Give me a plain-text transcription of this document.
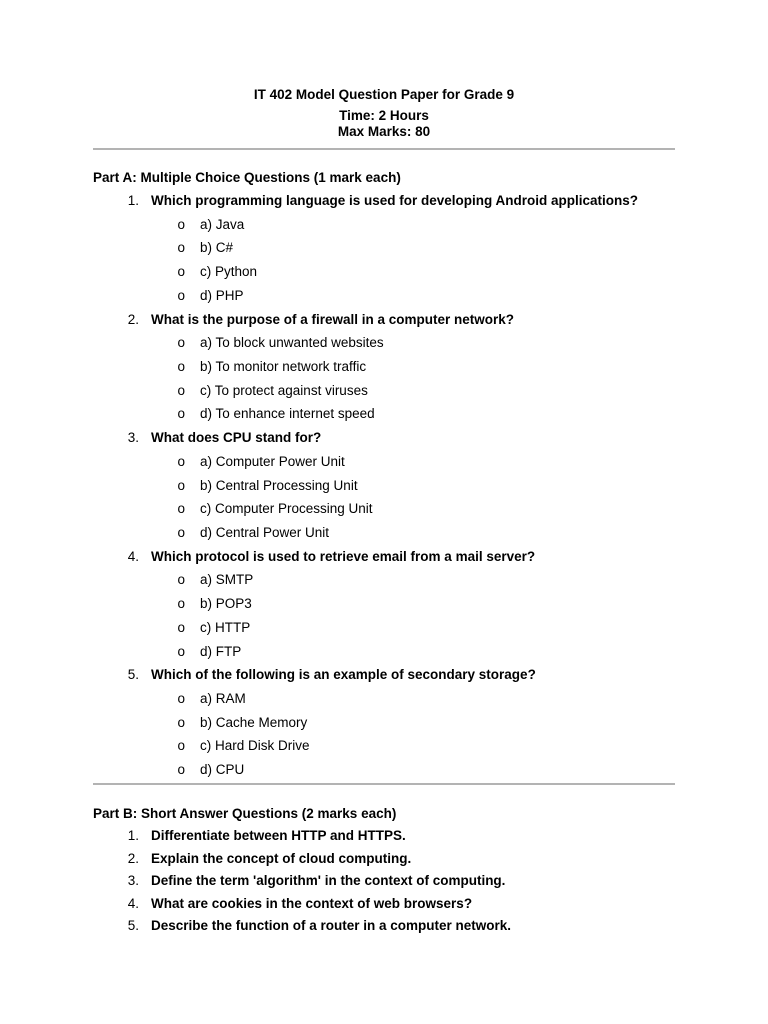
IT 402 Model Question Paper for Grade 9
Time: 2 Hours
Max Marks: 80
Part A: Multiple Choice Questions (1 mark each)
1. Which programming language is used for developing Android applications?
o	a) Java
o	b) C#
o	c) Python
o	d) PHP
2. What is the purpose of a firewall in a computer network?
o	a) To block unwanted websites
o	b) To monitor network traffic
o	c) To protect against viruses
o	d) To enhance internet speed
3. What does CPU stand for?
o	a) Computer Power Unit
o	b) Central Processing Unit
o	c) Computer Processing Unit
o	d) Central Power Unit
4. Which protocol is used to retrieve email from a mail server?
o	a) SMTP
o	b) POP3
o	c) HTTP
o	d) FTP
5. Which of the following is an example of secondary storage?
o	a) RAM
o	b) Cache Memory
o	c) Hard Disk Drive
o	d) CPU
Part B: Short Answer Questions (2 marks each)
1. Differentiate between HTTP and HTTPS.
2. Explain the concept of cloud computing.
3. Define the term 'algorithm' in the context of computing.
4. What are cookies in the context of web browsers?
5. Describe the function of a router in a computer network.
